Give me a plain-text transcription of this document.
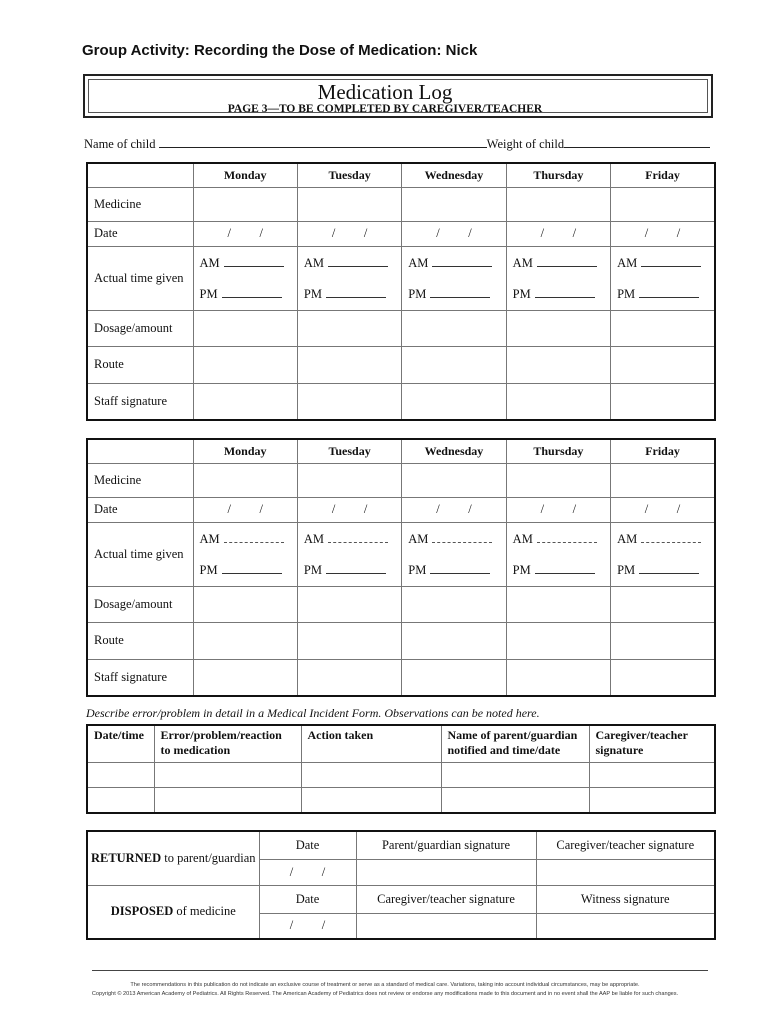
Group Activity: Recording the Dose of Medication: Nick
Medication Log
PAGE 3—TO BE COMPLETED BY CAREGIVER/TEACHER
Name of child	Weight of child
	Monday	Tuesday	Wednesday	Thursday	Friday
Medicine					
Date	/ /	/ /	/ /	/ /	/ /
Actual time given	AM	AM	AM	AM	AM
	PM	PM	PM	PM	PM
Dosage/amount					
Route					
Staff signature					
	Monday	Tuesday	Wednesday	Thursday	Friday
Medicine					
Date	/ /	/ /	/ /	/ /	/ /
Actual time given	AM	AM	AM	AM	AM
	PM	PM	PM	PM	PM
Dosage/amount					
Route					
Staff signature					
Describe error/problem in detail in a Medical Incident Form. Observations can be noted here.
Date/time	Error/problem/reaction to medication	Action taken	Name of parent/guardian notified and time/date	Caregiver/teacher signature

RETURNED to parent/guardian	Date	Parent/guardian signature	Caregiver/teacher signature
	/ /		
DISPOSED of medicine	Date	Caregiver/teacher signature	Witness signature
	/ /		
The recommendations in this publication do not indicate an exclusive course of treatment or serve as a standard of medical care. Variations, taking into account individual circumstances, may be appropriate.
Copyright © 2013 American Academy of Pediatrics. All Rights Reserved. The American Academy of Pediatrics does not review or endorse any modifications made to this document and in no event shall the AAP be liable for such changes.
